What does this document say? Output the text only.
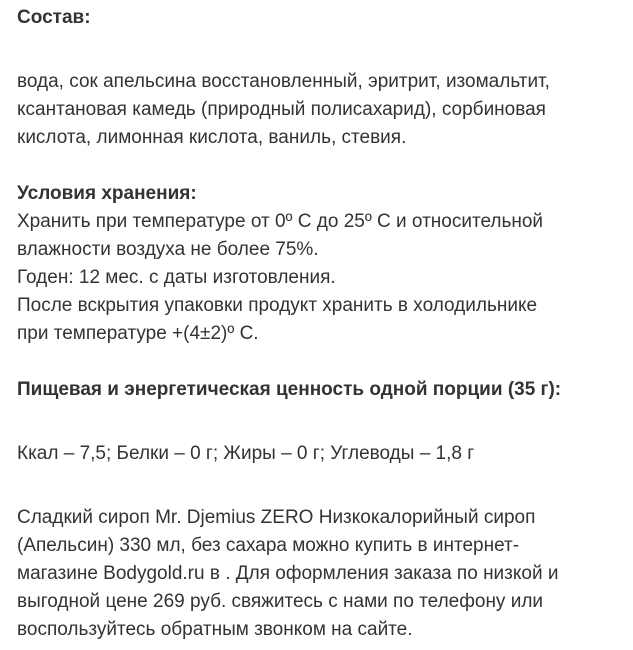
Состав:

вода, сок апельсина восстановленный, эритрит, изомальтит,
ксантановая камедь (природный полисахарид), сорбиновая
кислота, лимонная кислота, ваниль, стевия.

Условия хранения:

Хранить при температуре от 0º С до 25º С и относительной
влажности воздуха не более 75%.
Годен: 12 мес. с даты изготовления.
После вскрытия упаковки продукт хранить в холодильнике
при температуре +(4±2)º С.

Пищевая и энергетическая ценность одной порции (35 г):

Ккал – 7,5; Белки – 0 г; Жиры – 0 г; Углеводы – 1,8 г

Сладкий сироп Mr. Djemius ZERO Низкокалорийный сироп
(Апельсин) 330 мл, без сахара можно купить в интернет-
магазине Bodygold.ru в . Для оформления заказа по низкой и
выгодной цене 269 руб. свяжитесь с нами по телефону или
воспользуйтесь обратным звонком на сайте.
